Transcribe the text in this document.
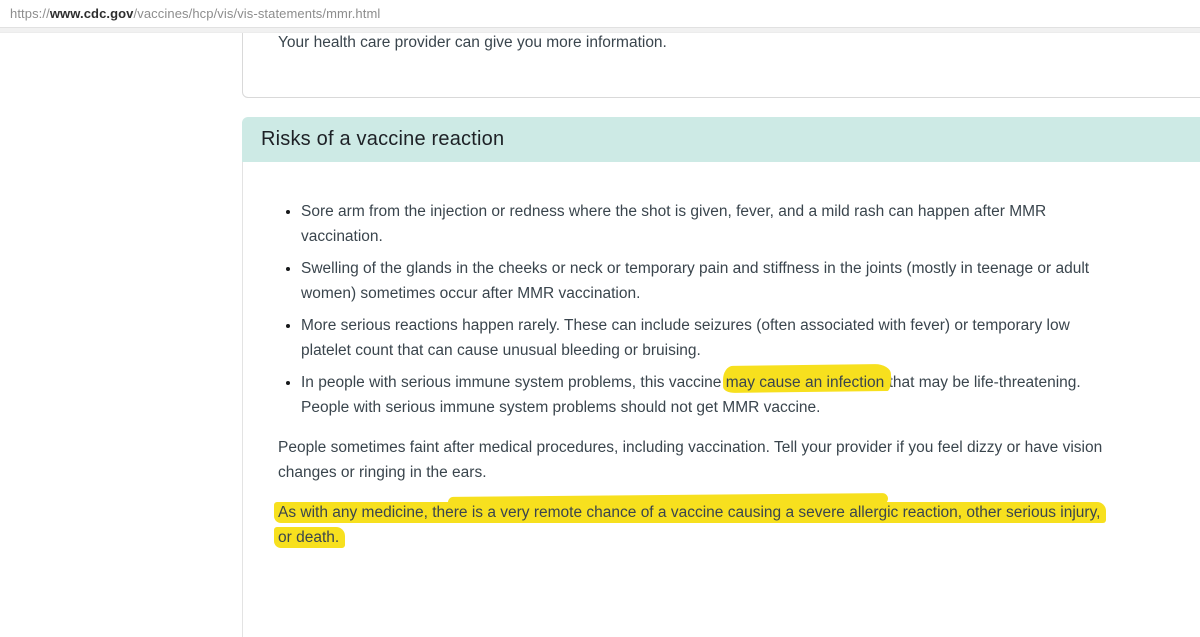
https:// www.cdc.gov /vaccines/hcp/vis/vis-statements/mmr.html

Your health care provider can give you more information.

Risks of a vaccine reaction
• Sore arm from the injection or redness where the shot is given, fever, and a mild rash can happen after MMR vaccination.
• Swelling of the glands in the cheeks or neck or temporary pain and stiffness in the joints (mostly in teenage or adult women) sometimes occur after MMR vaccination.
• More serious reactions happen rarely. These can include seizures (often associated with fever) or temporary low platelet count that can cause unusual bleeding or bruising.
• In people with serious immune system problems, this vaccine may cause an infection that may be life-threatening. People with serious immune system problems should not get MMR vaccine.

People sometimes faint after medical procedures, including vaccination. Tell your provider if you feel dizzy or have vision changes or ringing in the ears.

As with any medicine, there is a very remote chance of a vaccine causing a severe allergic reaction, other serious injury, or death.
